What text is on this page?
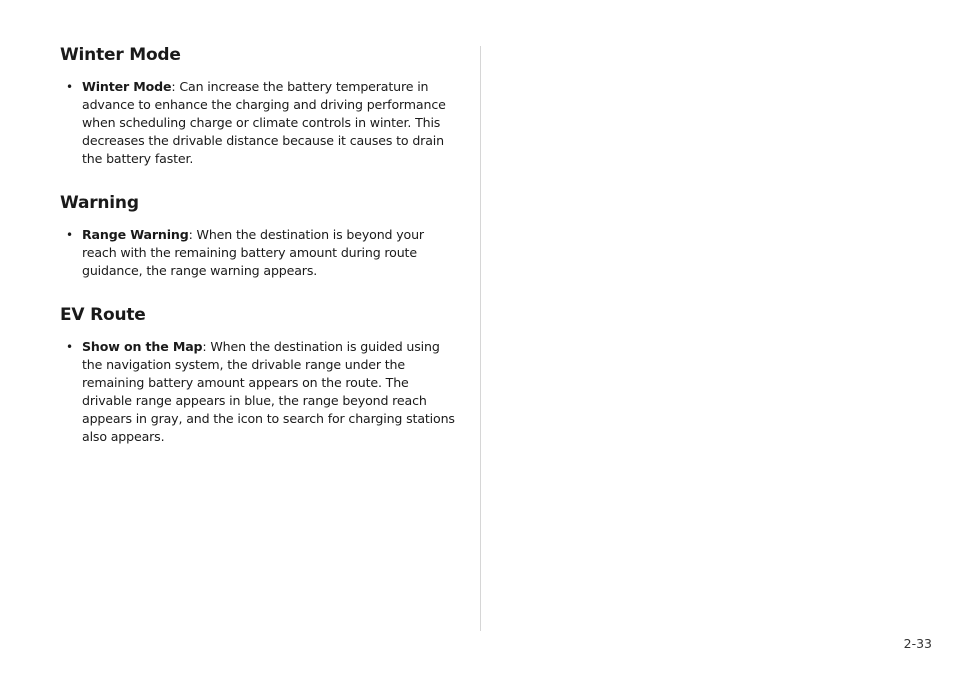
Winter Mode
• Winter Mode: Can increase the battery temperature in advance to enhance the charging and driving performance when scheduling charge or climate controls in winter. This decreases the drivable distance because it causes to drain the battery faster.
Warning
• Range Warning: When the destination is beyond your reach with the remaining battery amount during route guidance, the range warning appears.
EV Route
• Show on the Map: When the destination is guided using the navigation system, the drivable range under the remaining battery amount appears on the route. The drivable range appears in blue, the range beyond reach appears in gray, and the icon to search for charging stations also appears.
2-33
